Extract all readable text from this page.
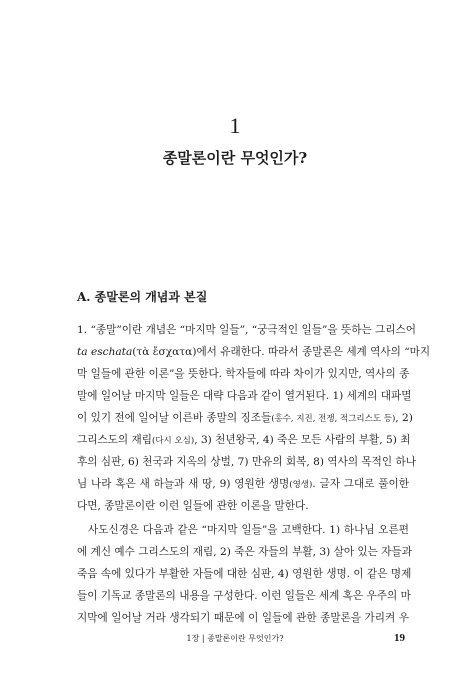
1
종말론이란 무엇인가?
A. 종말론의 개념과 본질
1. “종말”이란 개념은 “마지막 일들”, “궁극적인 일들”을 뜻하는 그리스어
ta eschata(τὰ ἔσχατα)에서 유래한다. 따라서 종말론은 세계 역사의 “마지
막 일들에 관한 이론”을 뜻한다. 학자들에 따라 차이가 있지만, 역사의 종
말에 일어날 마지막 일들은 대략 다음과 같이 열거된다. 1) 세계의 대파멸
이 있기 전에 일어날 이른바 종말의 징조들(홍수, 지진, 전쟁, 적그리스도 등), 2)
그리스도의 재림(다시 오심), 3) 천년왕국, 4) 죽은 모든 사람의 부활, 5) 최
후의 심판, 6) 천국과 지옥의 상벌, 7) 만유의 회복, 8) 역사의 목적인 하나
님 나라 혹은 새 하늘과 새 땅, 9) 영원한 생명(영생). 글자 그대로 풀이한
다면, 종말론이란 이런 일들에 관한 이론을 말한다.
사도신경은 다음과 같은 “마지막 일들”을 고백한다. 1) 하나님 오른편
에 계신 예수 그리스도의 재림, 2) 죽은 자들의 부활, 3) 살아 있는 자들과
죽음 속에 있다가 부활한 자들에 대한 심판, 4) 영원한 생명. 이 같은 명제
들이 기독교 종말론의 내용을 구성한다. 이런 일들은 세계 혹은 우주의 마
지막에 일어날 거라 생각되기 때문에 이 일들에 관한 종말론을 가리켜 우
1장 | 종말론이란 무엇인가?	19
